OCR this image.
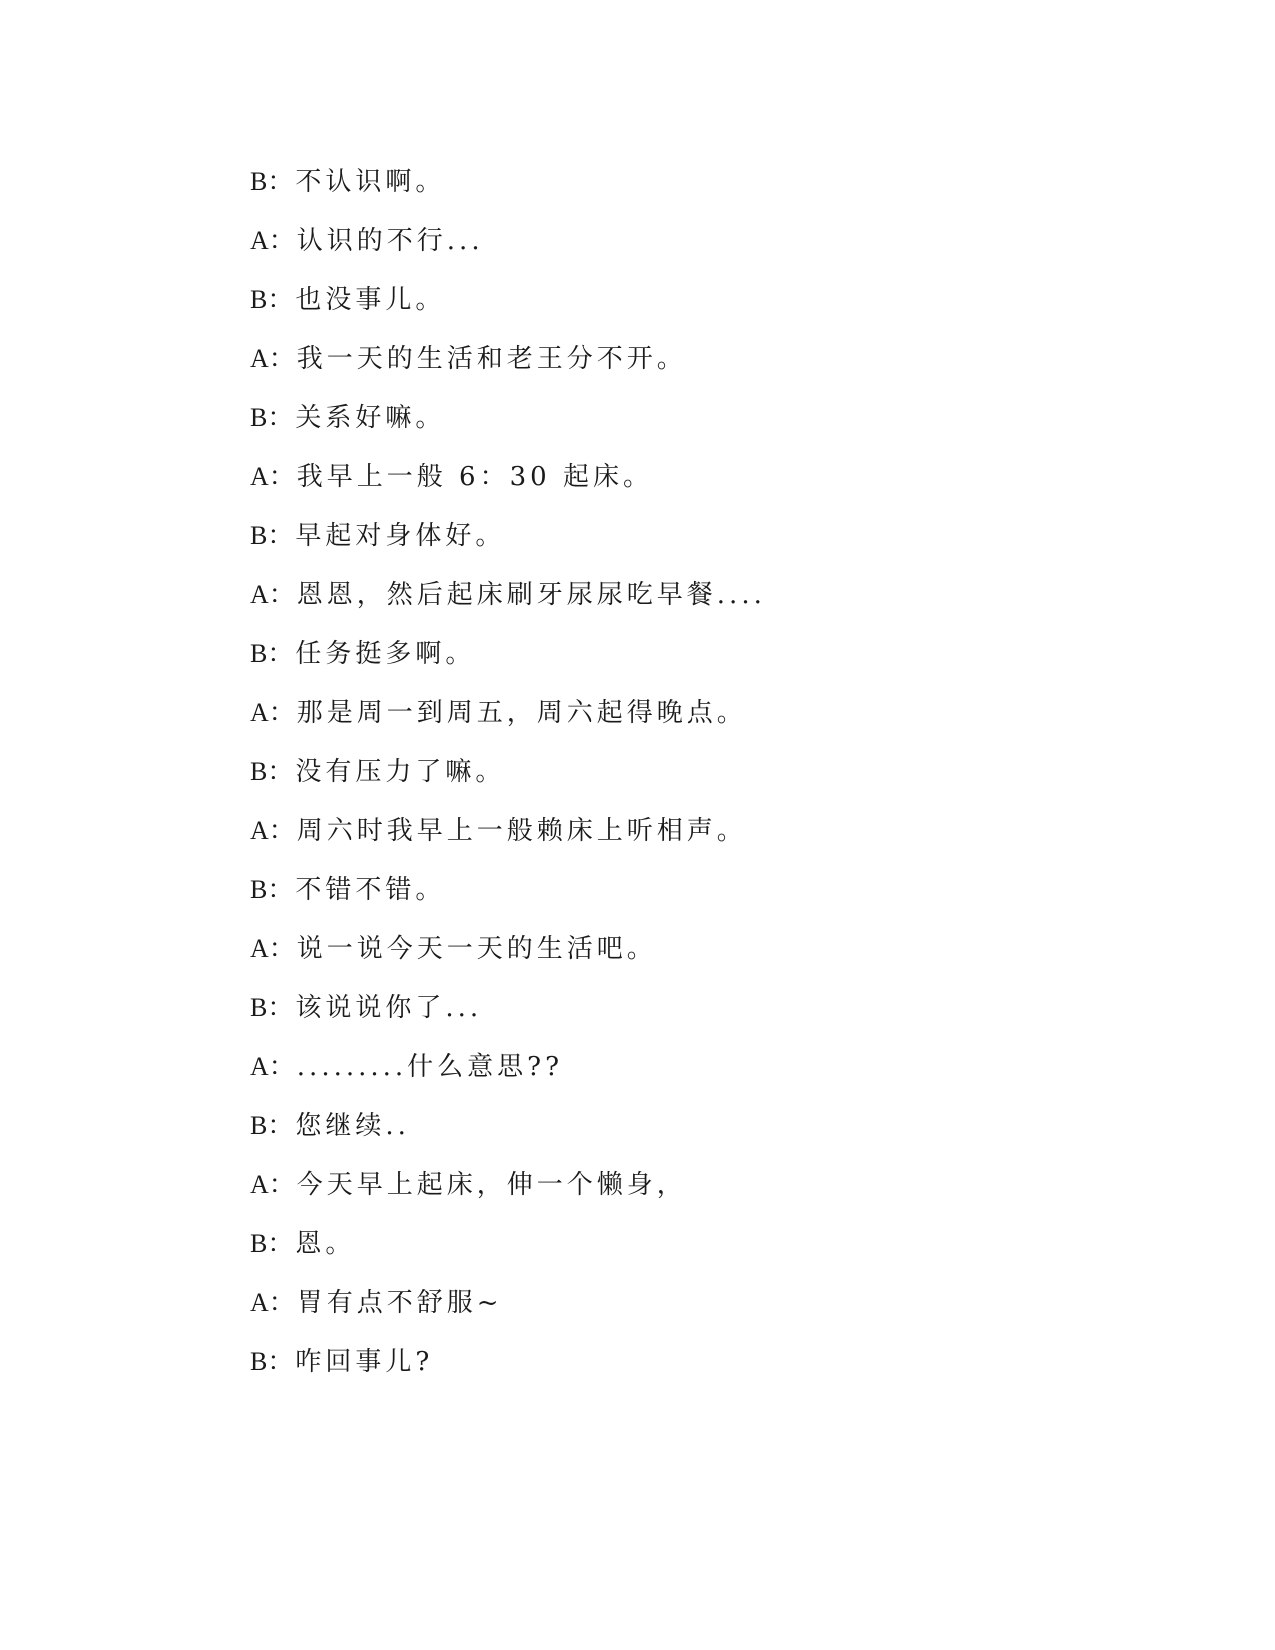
B：不认识啊。
A：认识的不行...
B：也没事儿。
A：我一天的生活和老王分不开。
B：关系好嘛。
A：我早上一般 6：30 起床。
B：早起对身体好。
A：恩恩，然后起床刷牙尿尿吃早餐....
B：任务挺多啊。
A：那是周一到周五，周六起得晚点。
B：没有压力了嘛。
A：周六时我早上一般赖床上听相声。
B：不错不错。
A：说一说今天一天的生活吧。
B：该说说你了...
A：.........什么意思??
B：您继续..
A：今天早上起床，伸一个懒身，
B：恩。
A：胃有点不舒服~
B：咋回事儿?
